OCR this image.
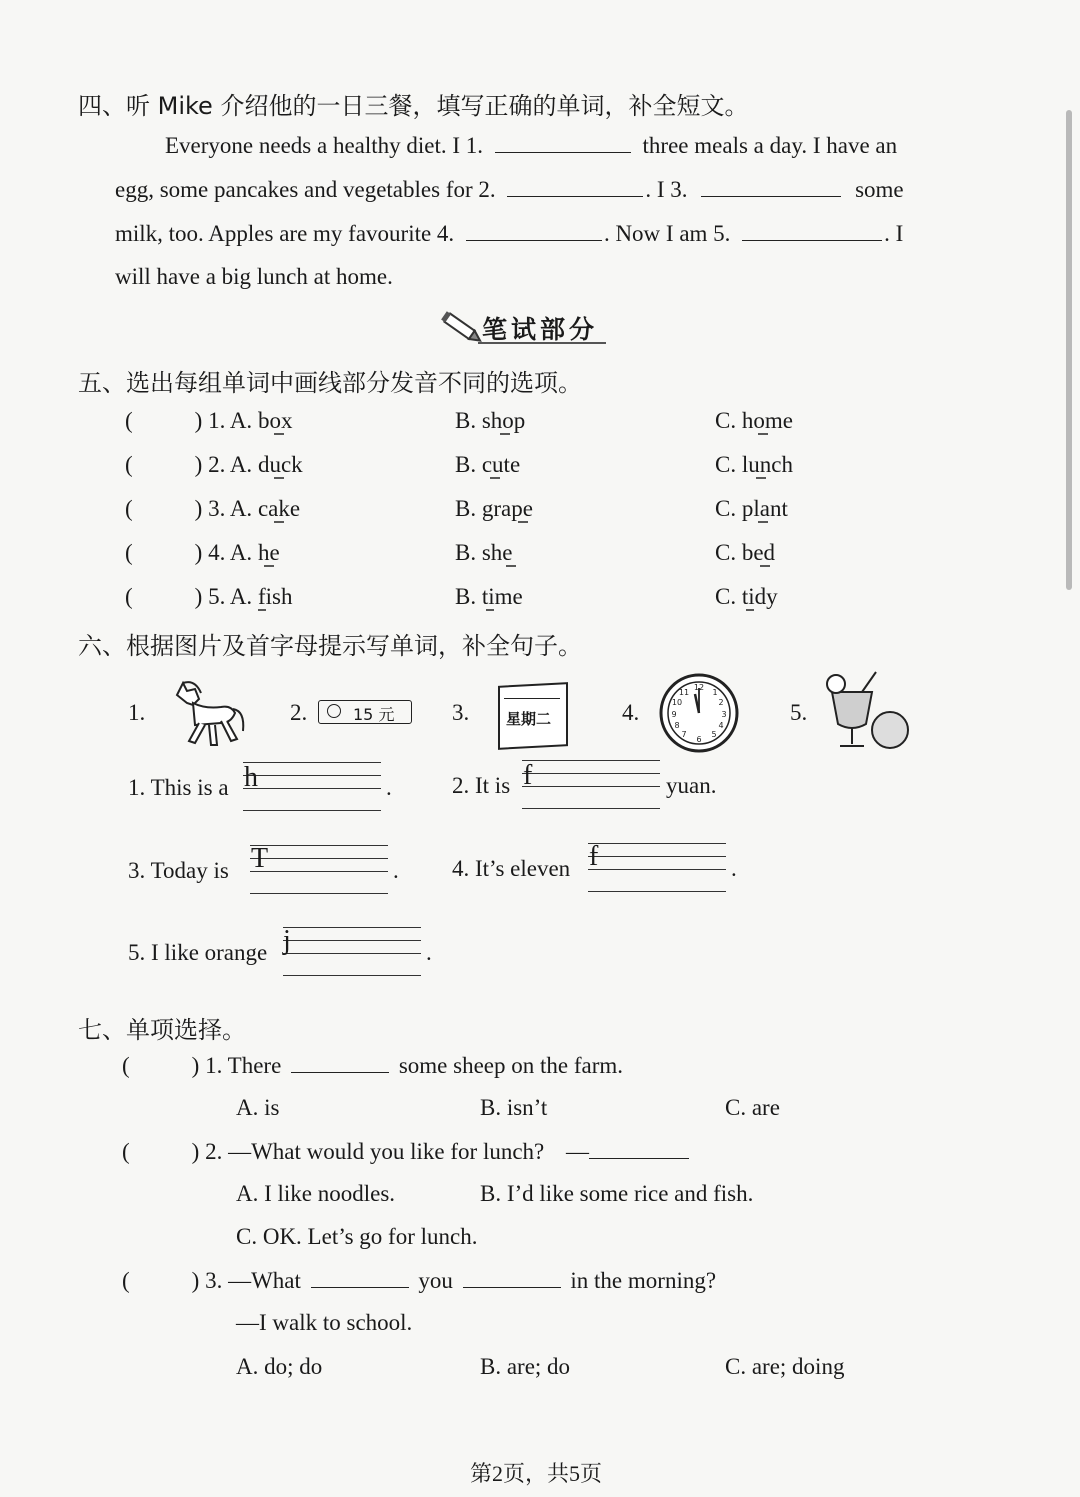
四、听 Mike 介绍他的一日三餐，填写正确的单词，补全短文。
Everyone needs a healthy diet. I 1.	three meals a day. I have an
egg, some pancakes and vegetables for 2.	. I 3.	some
milk, too. Apples are my favourite 4.	. Now I am 5.	. I
will have a big lunch at home.
笔试部分
五、选出每组单词中画线部分发音不同的选项。
(	) 1. A. box	B. shop	C. home
(	) 2. A. duck	B. cute	C. lunch
(	) 3. A. cake	B. grape	C. plant
(	) 4. A. he	B. she	C. bed
(	) 5. A. fish	B. time	C. tidy
六、根据图片及首字母提示写单词，补全句子。
1.	2.	15 元	3. 星期二	4.
12
1
2
3
4
5
6
7
8
9
10
11
5.
1. This is a h	.	2. It is f	yuan.
3. Today is T	. 4. It’s eleven f	.
5. I like orange j	.
七、单项选择。
(	) 1. There	some sheep on the farm.
A. is	B. isn’t	C. are
(	) 2. —What would you like for lunch? —
A. I like noodles.	B. I’d like some rice and fish.
C. OK. Let’s go for lunch.
(	) 3. —What	you	in the morning?
—I walk to school.
A. do; do	B. are; do	C. are; doing
第2页，共5页
